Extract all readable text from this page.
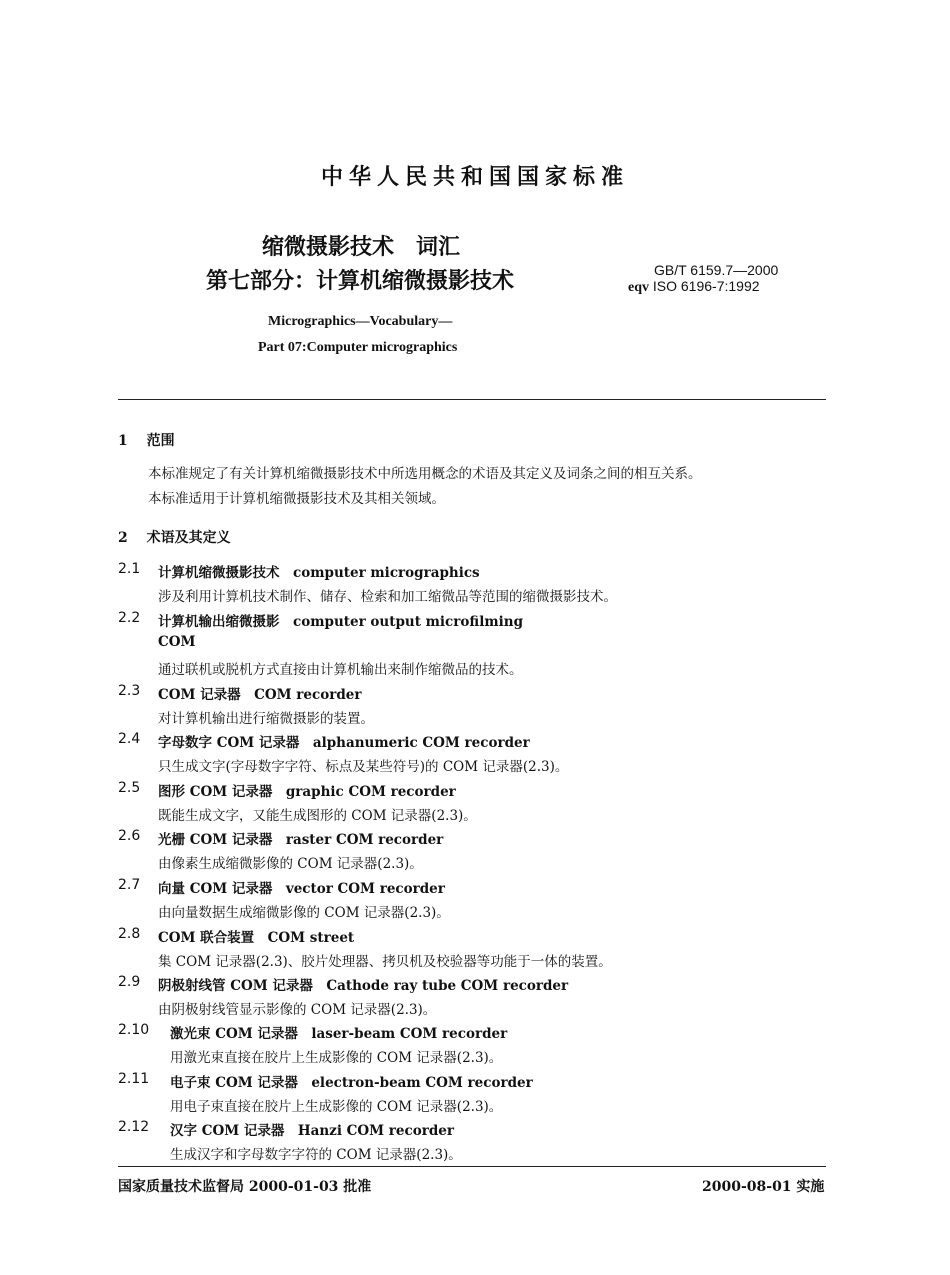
中华人民共和国国家标准
缩微摄影技术　词汇
第七部分：计算机缩微摄影技术	GB/T 6159.7—2000
eqv ISO 6196-7:1992
Micrographics—Vocabulary—
Part 07:Computer micrographics
1 范围
本标准规定了有关计算机缩微摄影技术中所选用概念的术语及其定义及词条之间的相互关系。
本标准适用于计算机缩微摄影技术及其相关领域。
2 术语及其定义
2.1 计算机缩微摄影技术　computer micrographics
涉及利用计算机技术制作、储存、检索和加工缩微品等范围的缩微摄影技术。
2.2 计算机输出缩微摄影　computer output microfilming
COM
通过联机或脱机方式直接由计算机输出来制作缩微品的技术。
2.3 COM 记录器　COM recorder
对计算机输出进行缩微摄影的装置。
2.4 字母数字 COM 记录器　alphanumeric COM recorder
只生成文字(字母数字字符、标点及某些符号)的 COM 记录器(2.3)。
2.5 图形 COM 记录器　graphic COM recorder
既能生成文字，又能生成图形的 COM 记录器(2.3)。
2.6 光栅 COM 记录器　raster COM recorder
由像素生成缩微影像的 COM 记录器(2.3)。
2.7 向量 COM 记录器　vector COM recorder
由向量数据生成缩微影像的 COM 记录器(2.3)。
2.8 COM 联合装置　COM street
集 COM 记录器(2.3)、胶片处理器、拷贝机及校验器等功能于一体的装置。
2.9 阴极射线管 COM 记录器　Cathode ray tube COM recorder
由阴极射线管显示影像的 COM 记录器(2.3)。
2.10 激光束 COM 记录器　laser-beam COM recorder
用激光束直接在胶片上生成影像的 COM 记录器(2.3)。
2.11 电子束 COM 记录器　electron-beam COM recorder
用电子束直接在胶片上生成影像的 COM 记录器(2.3)。
2.12 汉字 COM 记录器　Hanzi COM recorder
生成汉字和字母数字字符的 COM 记录器(2.3)。
国家质量技术监督局 2000-01-03 批准	2000-08-01 实施
